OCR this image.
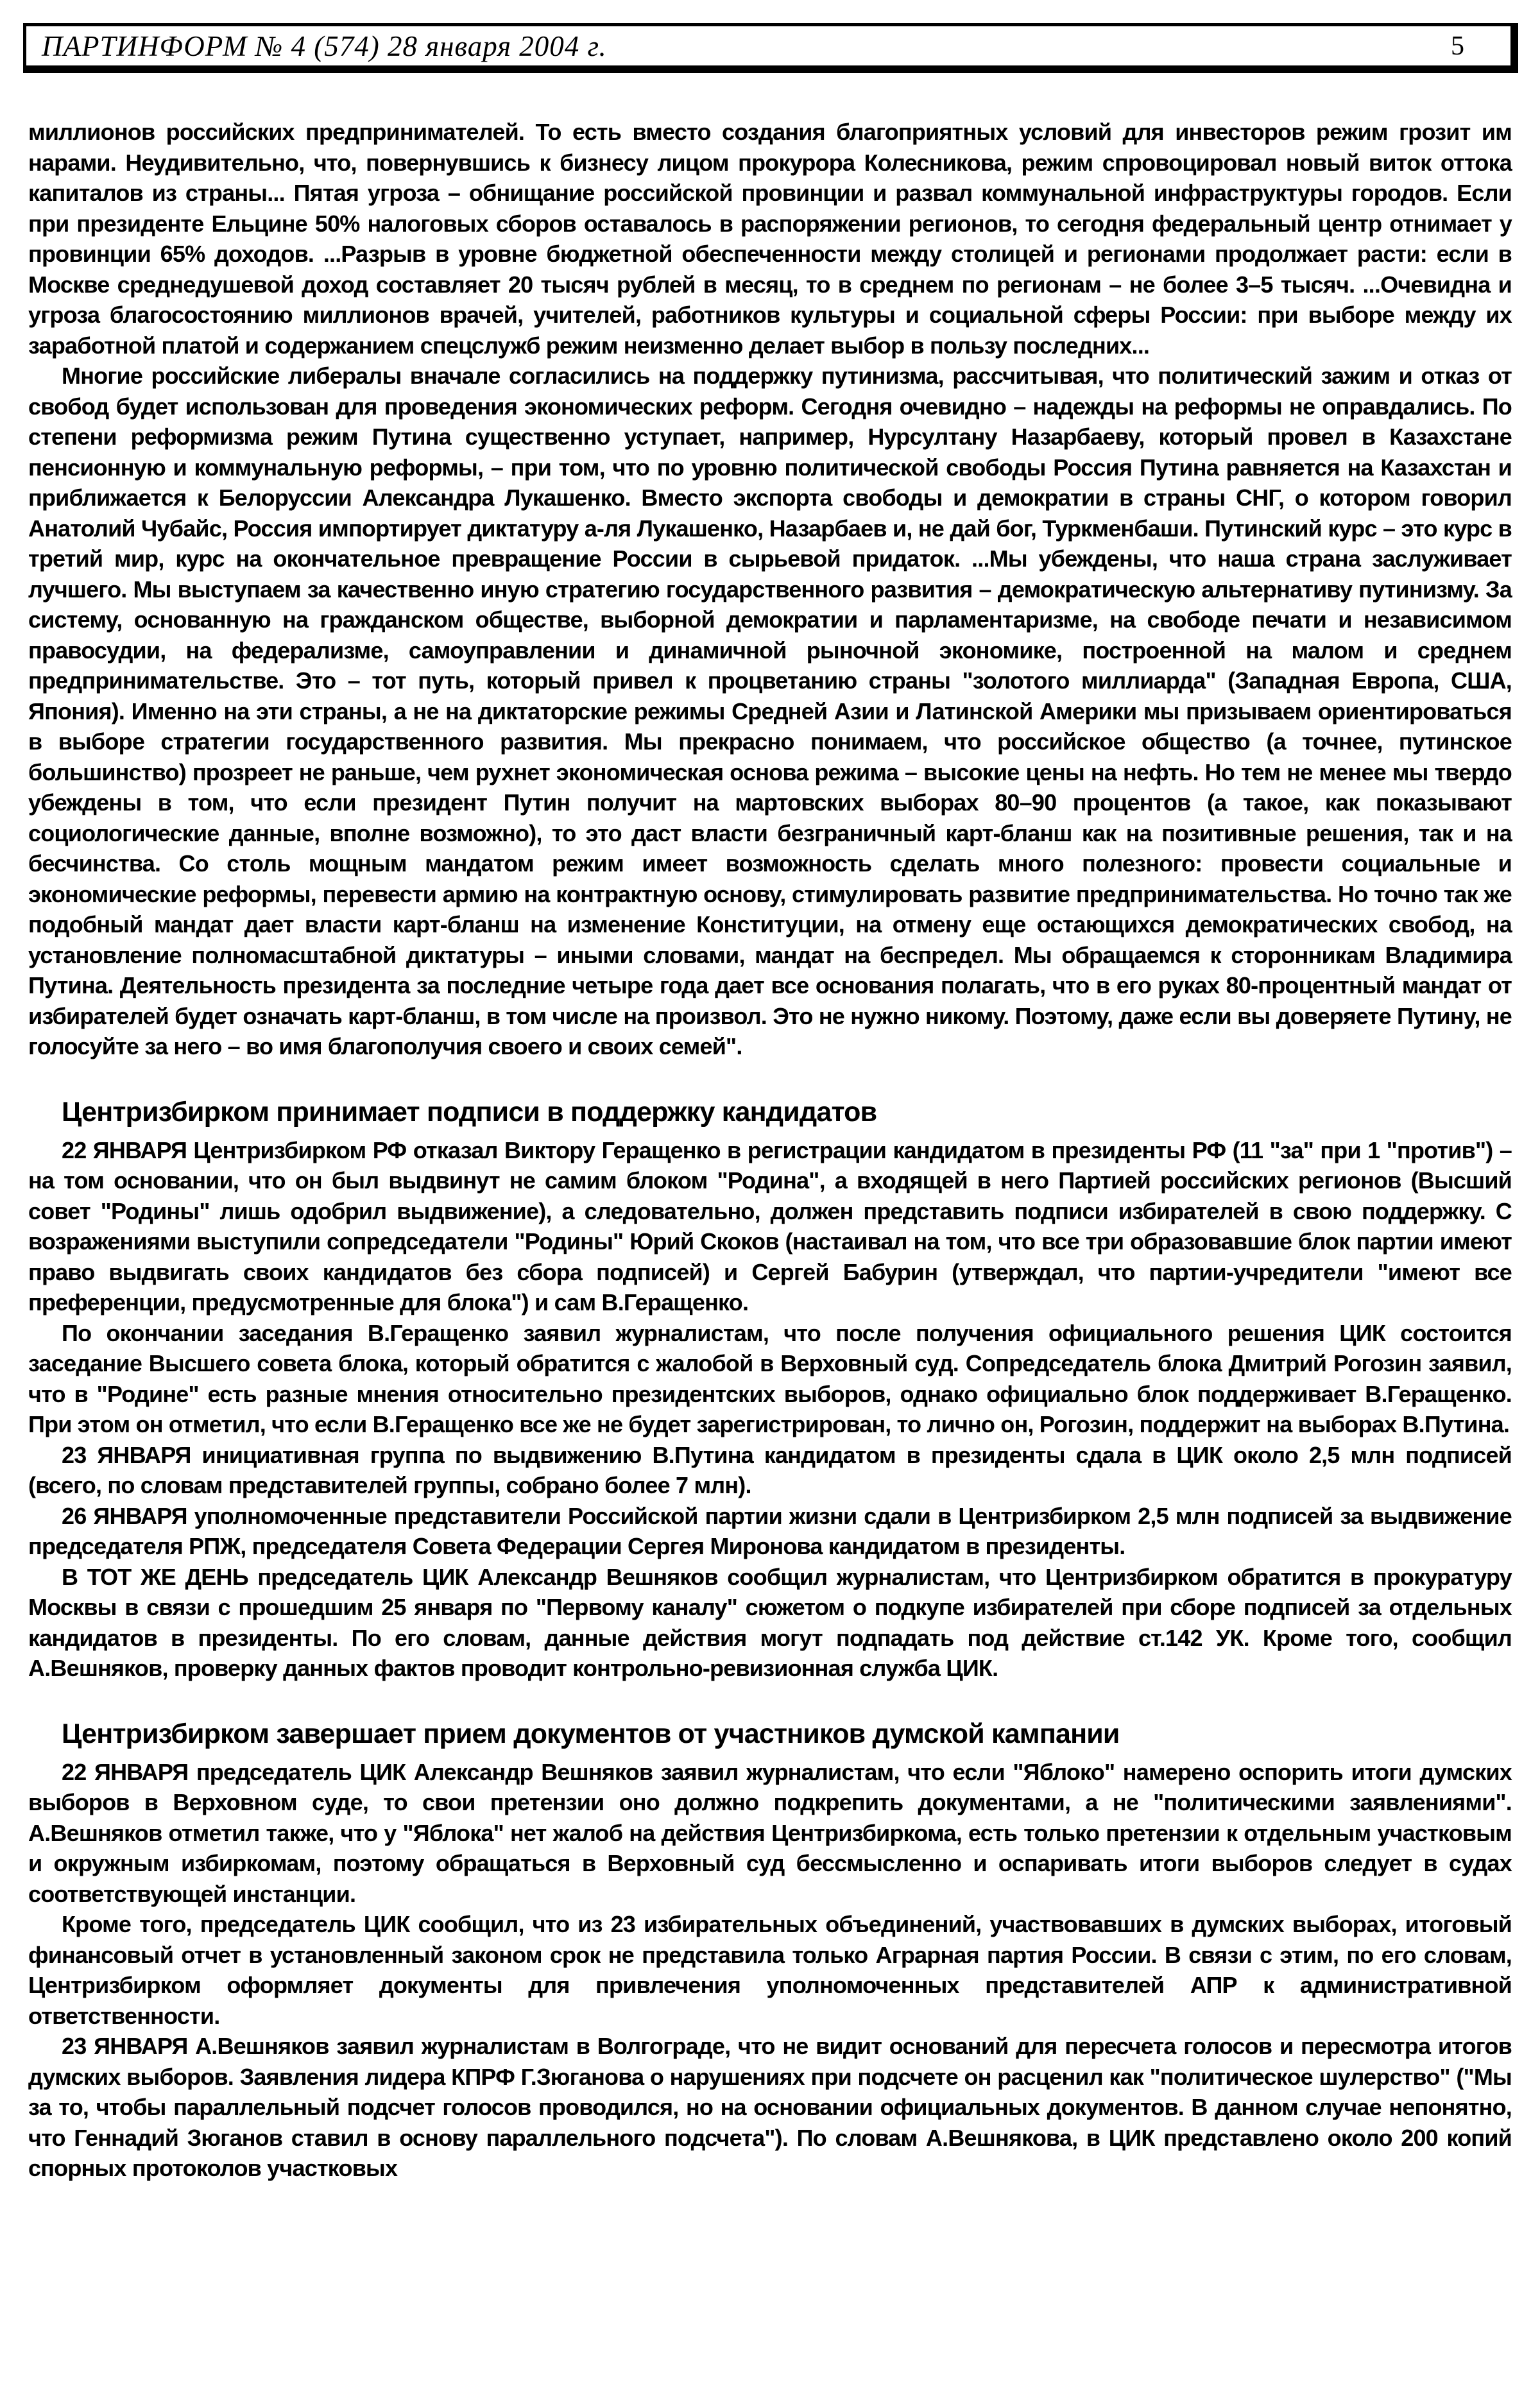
ПАРТИНФОРМ № 4 (574) 28 января 2004 г.	5

миллионов российских предпринимателей. То есть вместо создания благоприятных условий для инвесторов режим грозит им нарами. Неудивительно, что, повернувшись к бизнесу лицом прокурора Колесникова, режим спровоцировал новый виток оттока капиталов из страны... Пятая угроза – обнищание российской провинции и развал коммунальной инфраструктуры городов. Если при президенте Ельцине 50% налоговых сборов оставалось в распоряжении регионов, то сегодня федеральный центр отнимает у провинции 65% доходов. ...Разрыв в уровне бюджетной обеспеченности между столицей и регионами продолжает расти: если в Москве среднедушевой доход составляет 20 тысяч рублей в месяц, то в среднем по регионам – не более 3–5 тысяч. ...Очевидна и угроза благосостоянию миллионов врачей, учителей, работников культуры и социальной сферы России: при выборе между их заработной платой и содержанием спецслужб режим неизменно делает выбор в пользу последних...

Многие российские либералы вначале согласились на поддержку путинизма, рассчитывая, что политический зажим и отказ от свобод будет использован для проведения экономических реформ. Сегодня очевидно – надежды на реформы не оправдались. По степени реформизма режим Путина существенно уступает, например, Нурсултану Назарбаеву, который провел в Казахстане пенсионную и коммунальную реформы, – при том, что по уровню политической свободы Россия Путина равняется на Казахстан и приближается к Белоруссии Александра Лукашенко. Вместо экспорта свободы и демократии в страны СНГ, о котором говорил Анатолий Чубайс, Россия импортирует диктатуру а-ля Лукашенко, Назарбаев и, не дай бог, Туркменбаши. Путинский курс – это курс в третий мир, курс на окончательное превращение России в сырьевой придаток. ...Мы убеждены, что наша страна заслуживает лучшего. Мы выступаем за качественно иную стратегию государственного развития – демократическую альтернативу путинизму. За систему, основанную на гражданском обществе, выборной демократии и парламентаризме, на свободе печати и независимом правосудии, на федерализме, самоуправлении и динамичной рыночной экономике, построенной на малом и среднем предпринимательстве. Это – тот путь, который привел к процветанию страны "золотого миллиарда" (Западная Европа, США, Япония). Именно на эти страны, а не на диктаторские режимы Средней Азии и Латинской Америки мы призываем ориентироваться в выборе стратегии государственного развития. Мы прекрасно понимаем, что российское общество (а точнее, путинское большинство) прозреет не раньше, чем рухнет экономическая основа режима – высокие цены на нефть. Но тем не менее мы твердо убеждены в том, что если президент Путин получит на мартовских выборах 80–90 процентов (а такое, как показывают социологические данные, вполне возможно), то это даст власти безграничный карт-бланш как на позитивные решения, так и на бесчинства. Со столь мощным мандатом режим имеет возможность сделать много полезного: провести социальные и экономические реформы, перевести армию на контрактную основу, стимулировать развитие предпринимательства. Но точно так же подобный мандат дает власти карт-бланш на изменение Конституции, на отмену еще остающихся демократических свобод, на установление полномасштабной диктатуры – иными словами, мандат на беспредел. Мы обращаемся к сторонникам Владимира Путина. Деятельность президента за последние четыре года дает все основания полагать, что в его руках 80-процентный мандат от избирателей будет означать карт-бланш, в том числе на произвол. Это не нужно никому. Поэтому, даже если вы доверяете Путину, не голосуйте за него – во имя благополучия своего и своих семей".

Центризбирком принимает подписи в поддержку кандидатов

22 ЯНВАРЯ Центризбирком РФ отказал Виктору Геращенко в регистрации кандидатом в президенты РФ (11 "за" при 1 "против") – на том основании, что он был выдвинут не самим блоком "Родина", а входящей в него Партией российских регионов (Высший совет "Родины" лишь одобрил выдвижение), а следовательно, должен представить подписи избирателей в свою поддержку. С возражениями выступили сопредседатели "Родины" Юрий Скоков (настаивал на том, что все три образовавшие блок партии имеют право выдвигать своих кандидатов без сбора подписей) и Сергей Бабурин (утверждал, что партии-учредители "имеют все преференции, предусмотренные для блока") и сам В.Геращенко.

По окончании заседания В.Геращенко заявил журналистам, что после получения официального решения ЦИК состоится заседание Высшего совета блока, который обратится с жалобой в Верховный суд. Сопредседатель блока Дмитрий Рогозин заявил, что в "Родине" есть разные мнения относительно президентских выборов, однако официально блок поддерживает В.Геращенко. При этом он отметил, что если В.Геращенко все же не будет зарегистрирован, то лично он, Рогозин, поддержит на выборах В.Путина.

23 ЯНВАРЯ инициативная группа по выдвижению В.Путина кандидатом в президенты сдала в ЦИК около 2,5 млн подписей (всего, по словам представителей группы, собрано более 7 млн).

26 ЯНВАРЯ уполномоченные представители Российской партии жизни сдали в Центризбирком 2,5 млн подписей за выдвижение председателя РПЖ, председателя Совета Федерации Сергея Миронова кандидатом в президенты.

В ТОТ ЖЕ ДЕНЬ председатель ЦИК Александр Вешняков сообщил журналистам, что Центризбирком обратится в прокуратуру Москвы в связи с прошедшим 25 января по "Первому каналу" сюжетом о подкупе избирателей при сборе подписей за отдельных кандидатов в президенты. По его словам, данные действия могут подпадать под действие ст.142 УК. Кроме того, сообщил А.Вешняков, проверку данных фактов проводит контрольно-ревизионная служба ЦИК.

Центризбирком завершает прием документов от участников думской кампании

22 ЯНВАРЯ председатель ЦИК Александр Вешняков заявил журналистам, что если "Яблоко" намерено оспорить итоги думских выборов в Верховном суде, то свои претензии оно должно подкрепить документами, а не "политическими заявлениями". А.Вешняков отметил также, что у "Яблока" нет жалоб на действия Центризбиркома, есть только претензии к отдельным участковым и окружным избиркомам, поэтому обращаться в Верховный суд бессмысленно и оспаривать итоги выборов следует в судах соответствующей инстанции.

Кроме того, председатель ЦИК сообщил, что из 23 избирательных объединений, участвовавших в думских выборах, итоговый финансовый отчет в установленный законом срок не представила только Аграрная партия России. В связи с этим, по его словам, Центризбирком оформляет документы для привлечения уполномоченных представителей АПР к административной ответственности.

23 ЯНВАРЯ А.Вешняков заявил журналистам в Волгограде, что не видит оснований для пересчета голосов и пересмотра итогов думских выборов. Заявления лидера КПРФ Г.Зюганова о нарушениях при подсчете он расценил как "политическое шулерство" ("Мы за то, чтобы параллельный подсчет голосов проводился, но на основании официальных документов. В данном случае непонятно, что Геннадий Зюганов ставил в основу параллельного подсчета"). По словам А.Вешнякова, в ЦИК представлено около 200 копий спорных протоколов участковых
